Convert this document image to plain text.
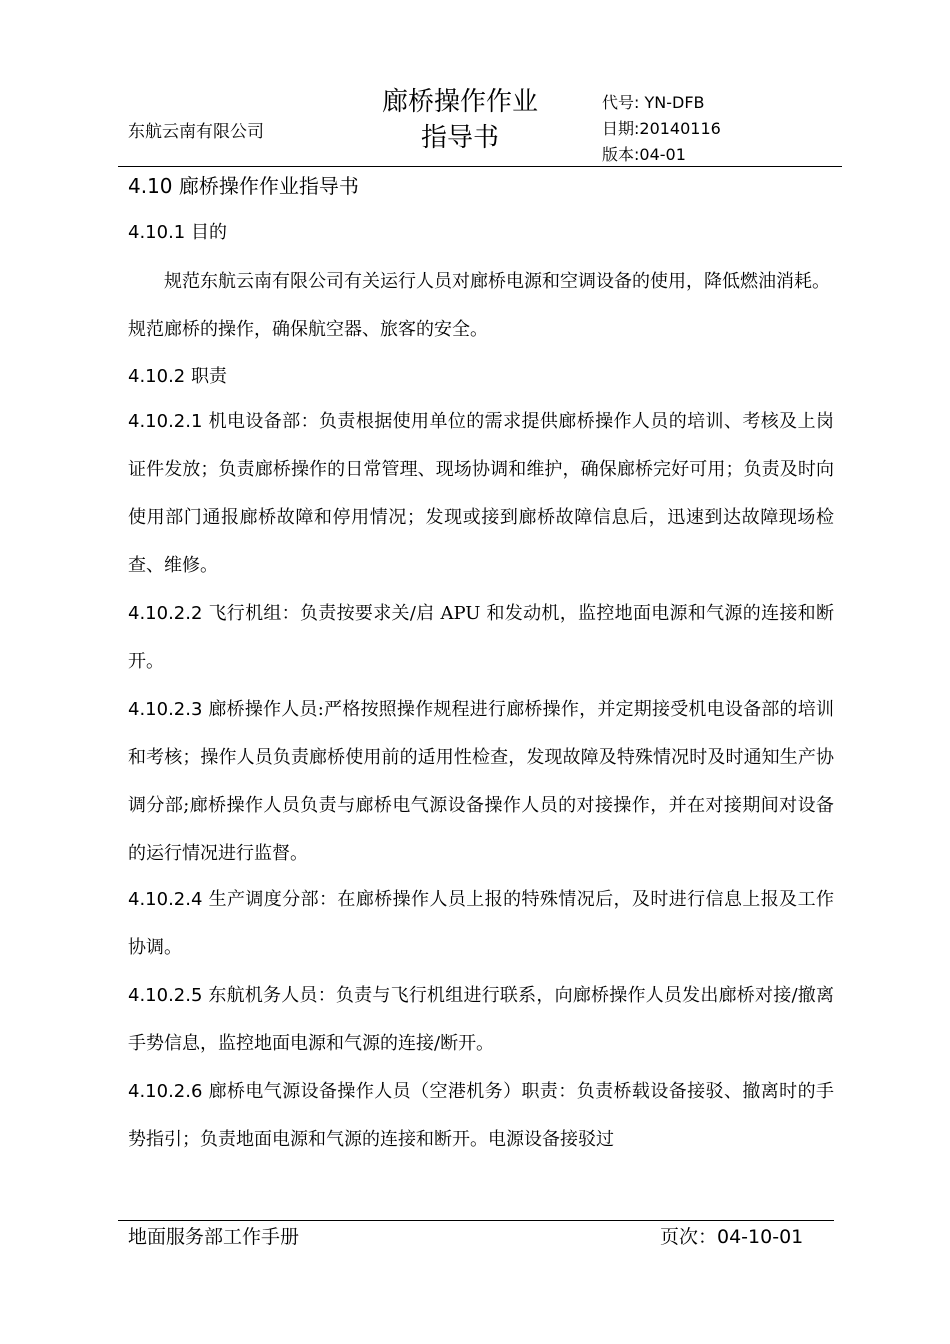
东航云南有限公司
廊桥操作作业
指导书
代号: YN-DFB
日期:20140116
版本:04-01
4.10 廊桥操作作业指导书
4.10.1 目的
　　规范东航云南有限公司有关运行人员对廊桥电源和空调设备的使用，降低燃油消耗。规范廊桥的操作，确保航空器、旅客的安全。
4.10.2 职责
4.10.2.1 机电设备部：负责根据使用单位的需求提供廊桥操作人员的培训、考核及上岗证件发放；负责廊桥操作的日常管理、现场协调和维护，确保廊桥完好可用；负责及时向使用部门通报廊桥故障和停用情况；发现或接到廊桥故障信息后，迅速到达故障现场检查、维修。
4.10.2.2 飞行机组：负责按要求关/启 APU 和发动机，监控地面电源和气源的连接和断开。
4.10.2.3 廊桥操作人员:严格按照操作规程进行廊桥操作，并定期接受机电设备部的培训和考核；操作人员负责廊桥使用前的适用性检查，发现故障及特殊情况时及时通知生产协调分部;廊桥操作人员负责与廊桥电气源设备操作人员的对接操作，并在对接期间对设备的运行情况进行监督。
4.10.2.4 生产调度分部：在廊桥操作人员上报的特殊情况后，及时进行信息上报及工作协调。
4.10.2.5 东航机务人员：负责与飞行机组进行联系，向廊桥操作人员发出廊桥对接/撤离手势信息，监控地面电源和气源的连接/断开。
4.10.2.6 廊桥电气源设备操作人员（空港机务）职责：负责桥载设备接驳、撤离时的手势指引；负责地面电源和气源的连接和断开。电源设备接驳过
地面服务部工作手册	页次：04-10-01
